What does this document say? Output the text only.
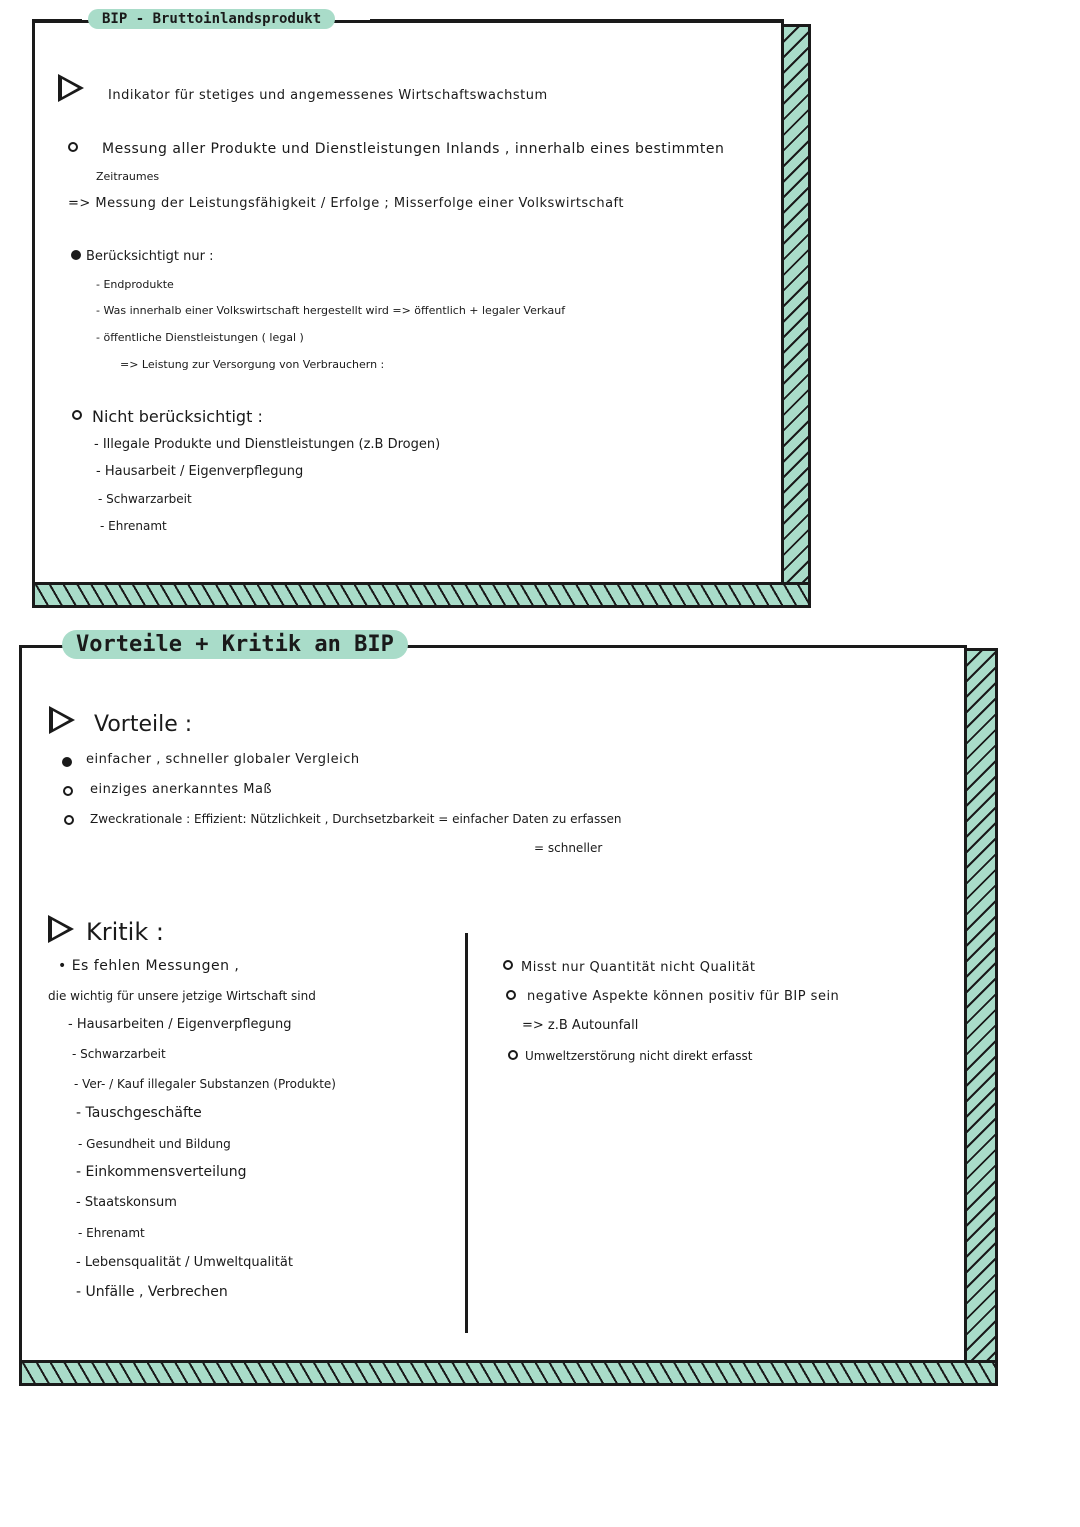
BIP - Bruttoinlandsprodukt
Indikator für stetiges und angemessenes Wirtschaftswachstum
Messung aller Produkte und Dienstleistungen Inlands , innerhalb eines bestimmten
Zeitraumes
=> Messung der Leistungsfähigkeit / Erfolge ; Misserfolge einer Volkswirtschaft
Berücksichtigt nur :
- Endprodukte
- Was innerhalb einer Volkswirtschaft hergestellt wird => öffentlich + legaler Verkauf
- öffentliche Dienstleistungen ( legal )
=> Leistung zur Versorgung von Verbrauchern :
Nicht berücksichtigt :
- Illegale Produkte und Dienstleistungen (z.B Drogen)
- Hausarbeit / Eigenverpflegung
- Schwarzarbeit
- Ehrenamt
Vorteile + Kritik an BIP
Vorteile :
einfacher , schneller globaler Vergleich
einziges anerkanntes Maß
Zweckrationale : Effizient: Nützlichkeit , Durchsetzbarkeit = einfacher Daten zu erfassen
= schneller
Kritik :
• Es fehlen Messungen ,
die wichtig für unsere jetzige Wirtschaft sind
- Hausarbeiten / Eigenverpflegung
- Schwarzarbeit
- Ver- / Kauf illegaler Substanzen (Produkte)
- Tauschgeschäfte
- Gesundheit und Bildung
- Einkommensverteilung
- Staatskonsum
- Ehrenamt
- Lebensqualität / Umweltqualität
- Unfälle , Verbrechen
Misst nur Quantität nicht Qualität
negative Aspekte können positiv für BIP sein
=> z.B Autounfall
Umweltzerstörung nicht direkt erfasst
